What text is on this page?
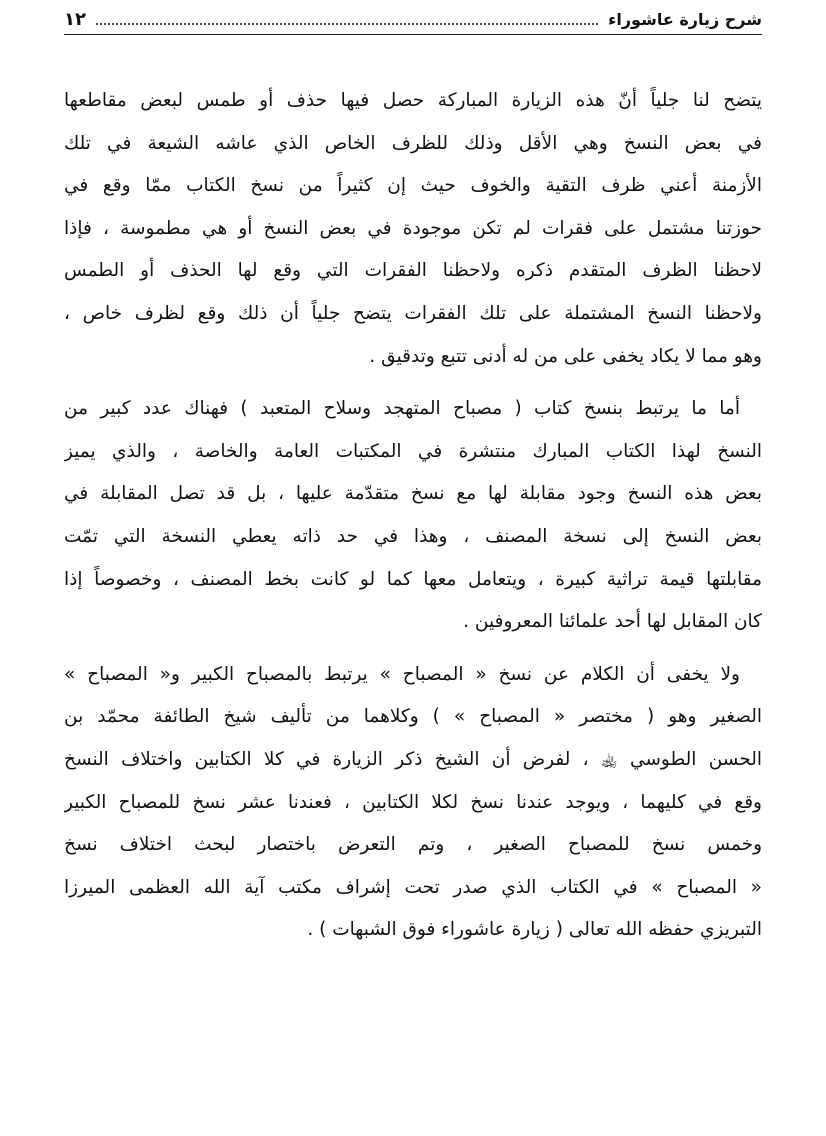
شرح زيارة عاشوراء
١٢
يتضح لنا جلياً أنّ هذه الزيارة المباركة حصل فيها حذف أو طمس لبعض مقاطعها
في بعض النسخ وهي الأقل وذلك للظرف الخاص الذي عاشه الشيعة في تلك
الأزمنة أعني ظرف التقية والخوف حيث إن كثيراً من نسخ الكتاب ممّا وقع في
حوزتنا مشتمل على فقرات لم تكن موجودة في بعض النسخ أو هي مطموسة ، فإذا
لاحظنا الظرف المتقدم ذكره ولاحظنا الفقرات التي وقع لها الحذف أو الطمس
ولاحظنا النسخ المشتملة على تلك الفقرات يتضح جلياً أن ذلك وقع لظرف خاص ،
وهو مما لا يكاد يخفى على من له أدنى تتبع وتدقيق .
أما ما يرتبط بنسخ كتاب ( مصباح المتهجد وسلاح المتعبد ) فهناك عدد كبير من
النسخ لهذا الكتاب المبارك منتشرة في المكتبات العامة والخاصة ، والذي يميز
بعض هذه النسخ وجود مقابلة لها مع نسخ متقدّمة عليها ، بل قد تصل المقابلة في
بعض النسخ إلى نسخة المصنف ، وهذا في حد ذاته يعطي النسخة التي تمّت
مقابلتها قيمة تراثية كبيرة ، ويتعامل معها كما لو كانت بخط المصنف ، وخصوصاً إذا
كان المقابل لها أحد علمائنا المعروفين .
ولا يخفى أن الكلام عن نسخ « المصباح » يرتبط بالمصباح الكبير و« المصباح »
الصغير وهو ( مختصر « المصباح » ) وكلاهما من تأليف شيخ الطائفة محمّد بن
الحسن الطوسي ﵀ ، لفرض أن الشيخ ذكر الزيارة في كلا الكتابين واختلاف النسخ
وقع في كليهما ، ويوجد عندنا نسخ لكلا الكتابين ، فعندنا عشر نسخ للمصباح الكبير
وخمس نسخ للمصباح الصغير ، وتم التعرض باختصار لبحث اختلاف نسخ
« المصباح » في الكتاب الذي صدر تحت إشراف مكتب آية الله العظمى الميرزا
التبريزي حفظه الله تعالى ( زيارة عاشوراء فوق الشبهات ) .
